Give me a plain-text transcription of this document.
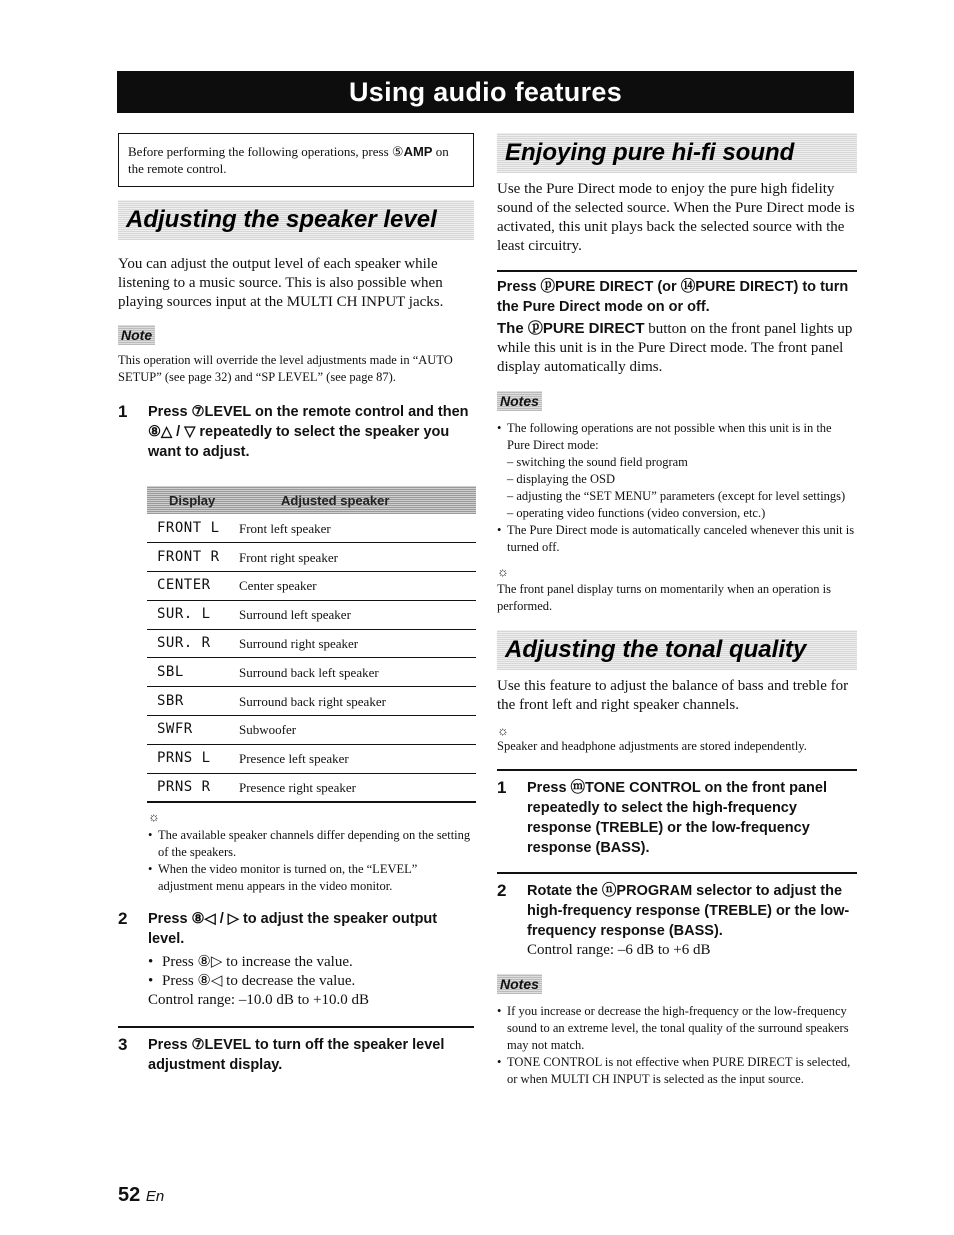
Using audio features
Before performing the following operations, press ⑤AMP on the remote control.
Adjusting the speaker level

You can adjust the output level of each speaker while listening to a music source. This is also possible when playing sources input at the MULTI CH INPUT jacks.

Note

This operation will override the level adjustments made in “AUTO SETUP” (see page 32) and “SP LEVEL” (see page 87).

1	Press ⑦LEVEL on the remote control and then ⑧△ / ▽ repeatedly to select the speaker you want to adjust.
Display	Adjusted speaker
FRONT L	Front left speaker
FRONT R	Front right speaker
CENTER	Center speaker
SUR. L	Surround left speaker
SUR. R	Surround right speaker
SBL	Surround back left speaker
SBR	Surround back right speaker
SWFR	Subwoofer
PRNS L	Presence left speaker
PRNS R	Presence right speaker
☼
• The available speaker channels differ depending on the setting of the speakers.
• When the video monitor is turned on, the “LEVEL” adjustment menu appears in the video monitor.
2	Press ⑧◁ / ▷ to adjust the speaker output level.
• Press ⑧▷ to increase the value.
• Press ⑧◁ to decrease the value.

Control range: –10.0 dB to +10.0 dB

3	Press ⑦LEVEL to turn off the speaker level adjustment display.
Enjoying pure hi-fi sound

Use the Pure Direct mode to enjoy the pure high fidelity sound of the selected source. When the Pure Direct mode is activated, this unit plays back the selected source with the least circuitry.

Press ⓟPURE DIRECT (or ⑭PURE DIRECT) to turn the Pure Direct mode on or off.

The ⓟPURE DIRECT button on the front panel lights up while this unit is in the Pure Direct mode. The front panel display automatically dims.

Notes
• The following operations are not possible when this unit is in the Pure Direct mode:
– switching the sound field program
– displaying the OSD
– adjusting the “SET MENU” parameters (except for level settings)
– operating video functions (video conversion, etc.)
• The Pure Direct mode is automatically canceled whenever this unit is turned off.
☼

The front panel display turns on momentarily when an operation is performed.

Adjusting the tonal quality

Use this feature to adjust the balance of bass and treble for the front left and right speaker channels.

☼

Speaker and headphone adjustments are stored independently.

1	Press ⓜTONE CONTROL on the front panel repeatedly to select the high-frequency response (TREBLE) or the low-frequency response (BASS).
2	Rotate the ⓝPROGRAM selector to adjust the high-frequency response (TREBLE) or the low-frequency response (BASS).

Control range: –6 dB to +6 dB

Notes
• If you increase or decrease the high-frequency or the low-frequency sound to an extreme level, the tonal quality of the surround speakers may not match.
• TONE CONTROL is not effective when PURE DIRECT is selected, or when MULTI CH INPUT is selected as the input source.
52 En
